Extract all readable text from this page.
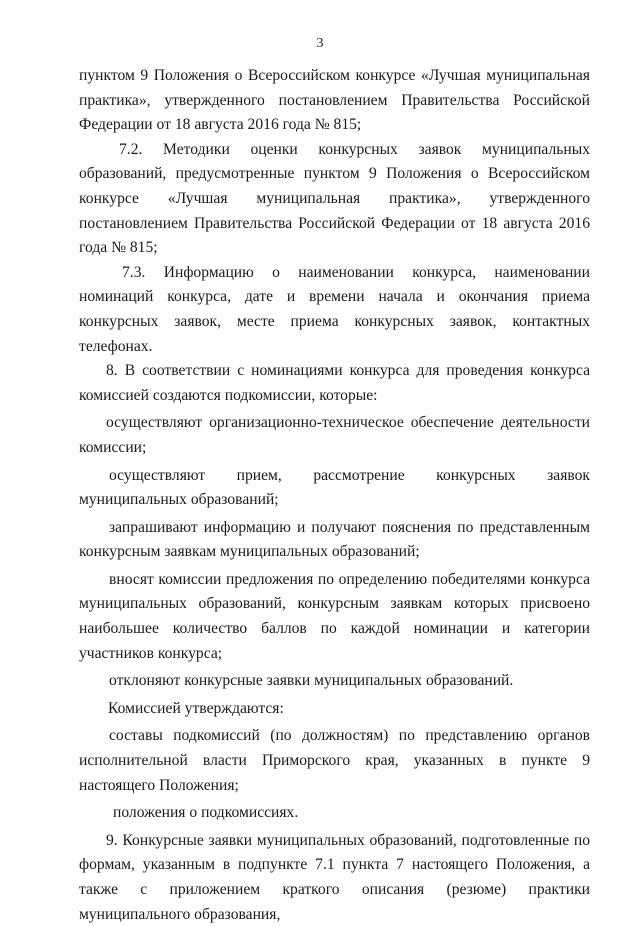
3

пунктом 9 Положения о Всероссийском конкурсе «Лучшая муниципальная практика», утвержденного постановлением Правительства Российской Федерации от 18 августа 2016 года № 815;

7.2. Методики оценки конкурсных заявок муниципальных образований, предусмотренные пунктом 9 Положения о Всероссийском конкурсе «Лучшая муниципальная практика», утвержденного постановлением Правительства Российской Федерации от 18 августа 2016 года № 815;

7.3. Информацию о наименовании конкурса, наименовании номинаций конкурса, дате и времени начала и окончания приема конкурсных заявок, месте приема конкурсных заявок, контактных телефонах.

8. В соответствии с номинациями конкурса для проведения конкурса комиссией создаются подкомиссии, которые:

осуществляют организационно-техническое обеспечение деятельности комиссии;

осуществляют прием, рассмотрение конкурсных заявок муниципальных образований;

запрашивают информацию и получают пояснения по представленным конкурсным заявкам муниципальных образований;

вносят комиссии предложения по определению победителями конкурса муниципальных образований, конкурсным заявкам которых присвоено наибольшее количество баллов по каждой номинации и категории участников конкурса;

отклоняют конкурсные заявки муниципальных образований.

Комиссией утверждаются:

составы подкомиссий (по должностям) по представлению органов исполнительной власти Приморского края, указанных в пункте 9 настоящего Положения;

положения о подкомиссиях.

9. Конкурсные заявки муниципальных образований, подготовленные по формам, указанным в подпункте 7.1 пункта 7 настоящего Положения, а также с приложением краткого описания (резюме) практики муниципального образования,
